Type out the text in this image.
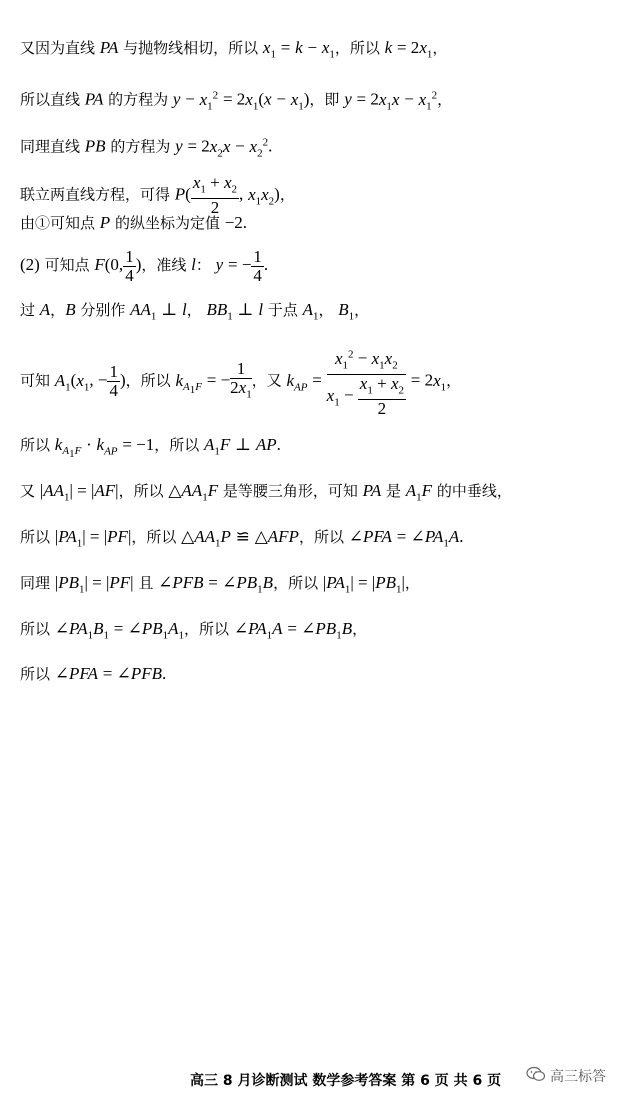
又因为直线 PA 与抛物线相切，所以 $x_1 = k - x_1$，所以 $k = 2x_1$，
所以直线 PA 的方程为 $y - x_1^2 = 2x_1(x - x_1)$，即 $y = 2x_1x - x_1^2$，
同理直线 PB 的方程为 $y = 2x_2x - x_2^2$.
联立两直线方程，可得 $P( \frac{x_1 + x_2}{2}$ , $x_1x_2$)，
由①可知点 P 的纵坐标为定值 −2.
(2) 可知点 F(0, $\frac{1}{4}$ )，准线 l： y = − $\frac{1}{4}$ .
过 A，B 分别作 $AA_1$ ⊥ l， $BB_1$ ⊥ l 于点 $A_1$， $B_1$，
可知 $A_1(x_1$, − $\frac{1}{4}$ )，所以 $k_{A_1F}$ = − $\frac{1}{2x_1}$ ，又 $k_{AP} = \frac{x_1^2 - x_1x_2}{x_1 - \frac{x_1 + x_2}{2}} = 2x_1$，
所以 $k_{A_1F} \cdot k_{AP} = -1$，所以 $A_1F$ ⊥ AP.
又 $|AA_1| = |AF|$，所以 $\triangle AA_1F$ 是等腰三角形，可知 PA 是 $A_1F$ 的中垂线，
所以 $|PA_1| = |PF|$，所以 $\triangle AA_1P$ ≌ △AFP，所以 ∠PFA = $\angle PA_1A$.
同理 $|PB_1| = |PF|$ 且 ∠PFB = $\angle PB_1B$，所以 $|PA_1| = |PB_1|$，
所以 $\angle PA_1B_1$ = $\angle PB_1A_1$，所以 $\angle PA_1A$ = $\angle PB_1B$，
所以 ∠PFA = ∠PFB.
高三 8 月诊断测试 数学参考答案 第 6 页 共 6 页	高三标答
